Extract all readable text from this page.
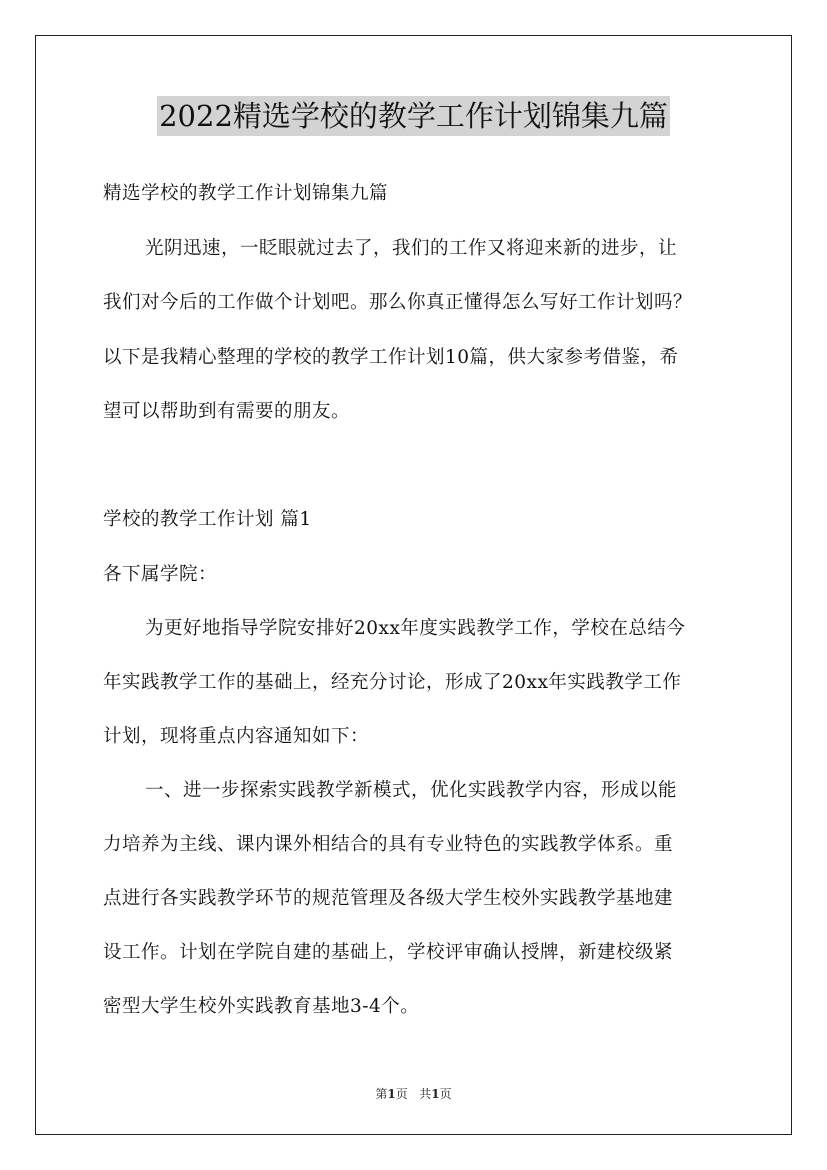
2022精选学校的教学工作计划锦集九篇
精选学校的教学工作计划锦集九篇
光阴迅速，一眨眼就过去了，我们的工作又将迎来新的进步，让
我们对今后的工作做个计划吧。那么你真正懂得怎么写好工作计划吗？
以下是我精心整理的学校的教学工作计划10篇，供大家参考借鉴，希
望可以帮助到有需要的朋友。
学校的教学工作计划 篇1
各下属学院：
为更好地指导学院安排好20xx年度实践教学工作，学校在总结今
年实践教学工作的基础上，经充分讨论，形成了20xx年实践教学工作
计划，现将重点内容通知如下：
一、进一步探索实践教学新模式，优化实践教学内容，形成以能
力培养为主线、课内课外相结合的具有专业特色的实践教学体系。重
点进行各实践教学环节的规范管理及各级大学生校外实践教学基地建
设工作。计划在学院自建的基础上，学校评审确认授牌，新建校级紧
密型大学生校外实践教育基地3-4个。
第1页 共1页
